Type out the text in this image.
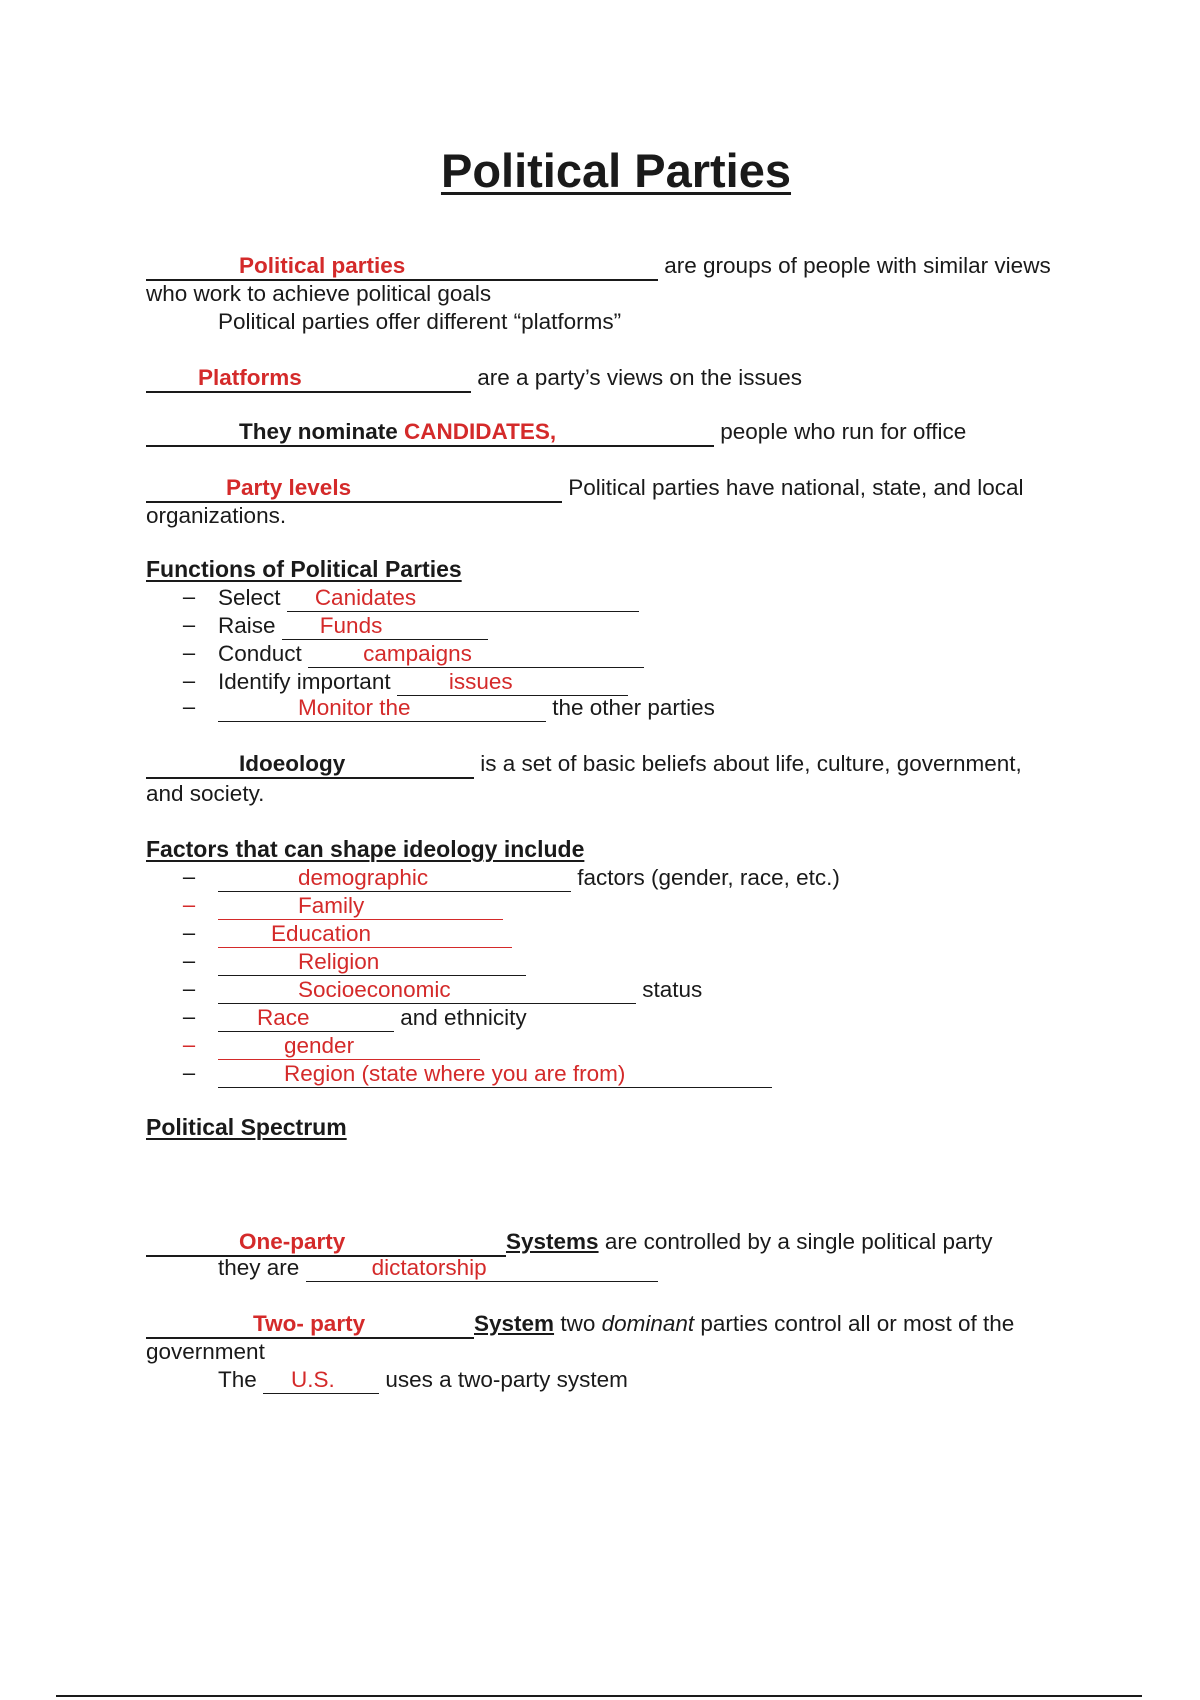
Political Parties
Political parties	are groups of people with similar views
who work to achieve political goals
Political parties offer different “platforms”
Platforms	are a party’s views on the issues
They nominate CANDIDATES,	people who run for office
Party levels	Political parties have national, state, and local
organizations.
Functions of Political Parties
– Select Canidates
– Raise Funds
– Conduct	campaigns
– Identify important	issues
–	Monitor the	the other parties
Idoeology	is a set of basic beliefs about life, culture, government,
and society.
Factors that can shape ideology include
–	demographic	factors (gender, race, etc.)
–	Family
–	Education
–	Religion
–	Socioeconomic	status
–	Race	and ethnicity
–	gender
–	Region (state where you are from)
Political Spectrum
One-party	Systems are controlled by a single political party
they are	dictatorship
Two- party	System two dominant parties control all or most of the
government
The U.S. uses a two-party system
